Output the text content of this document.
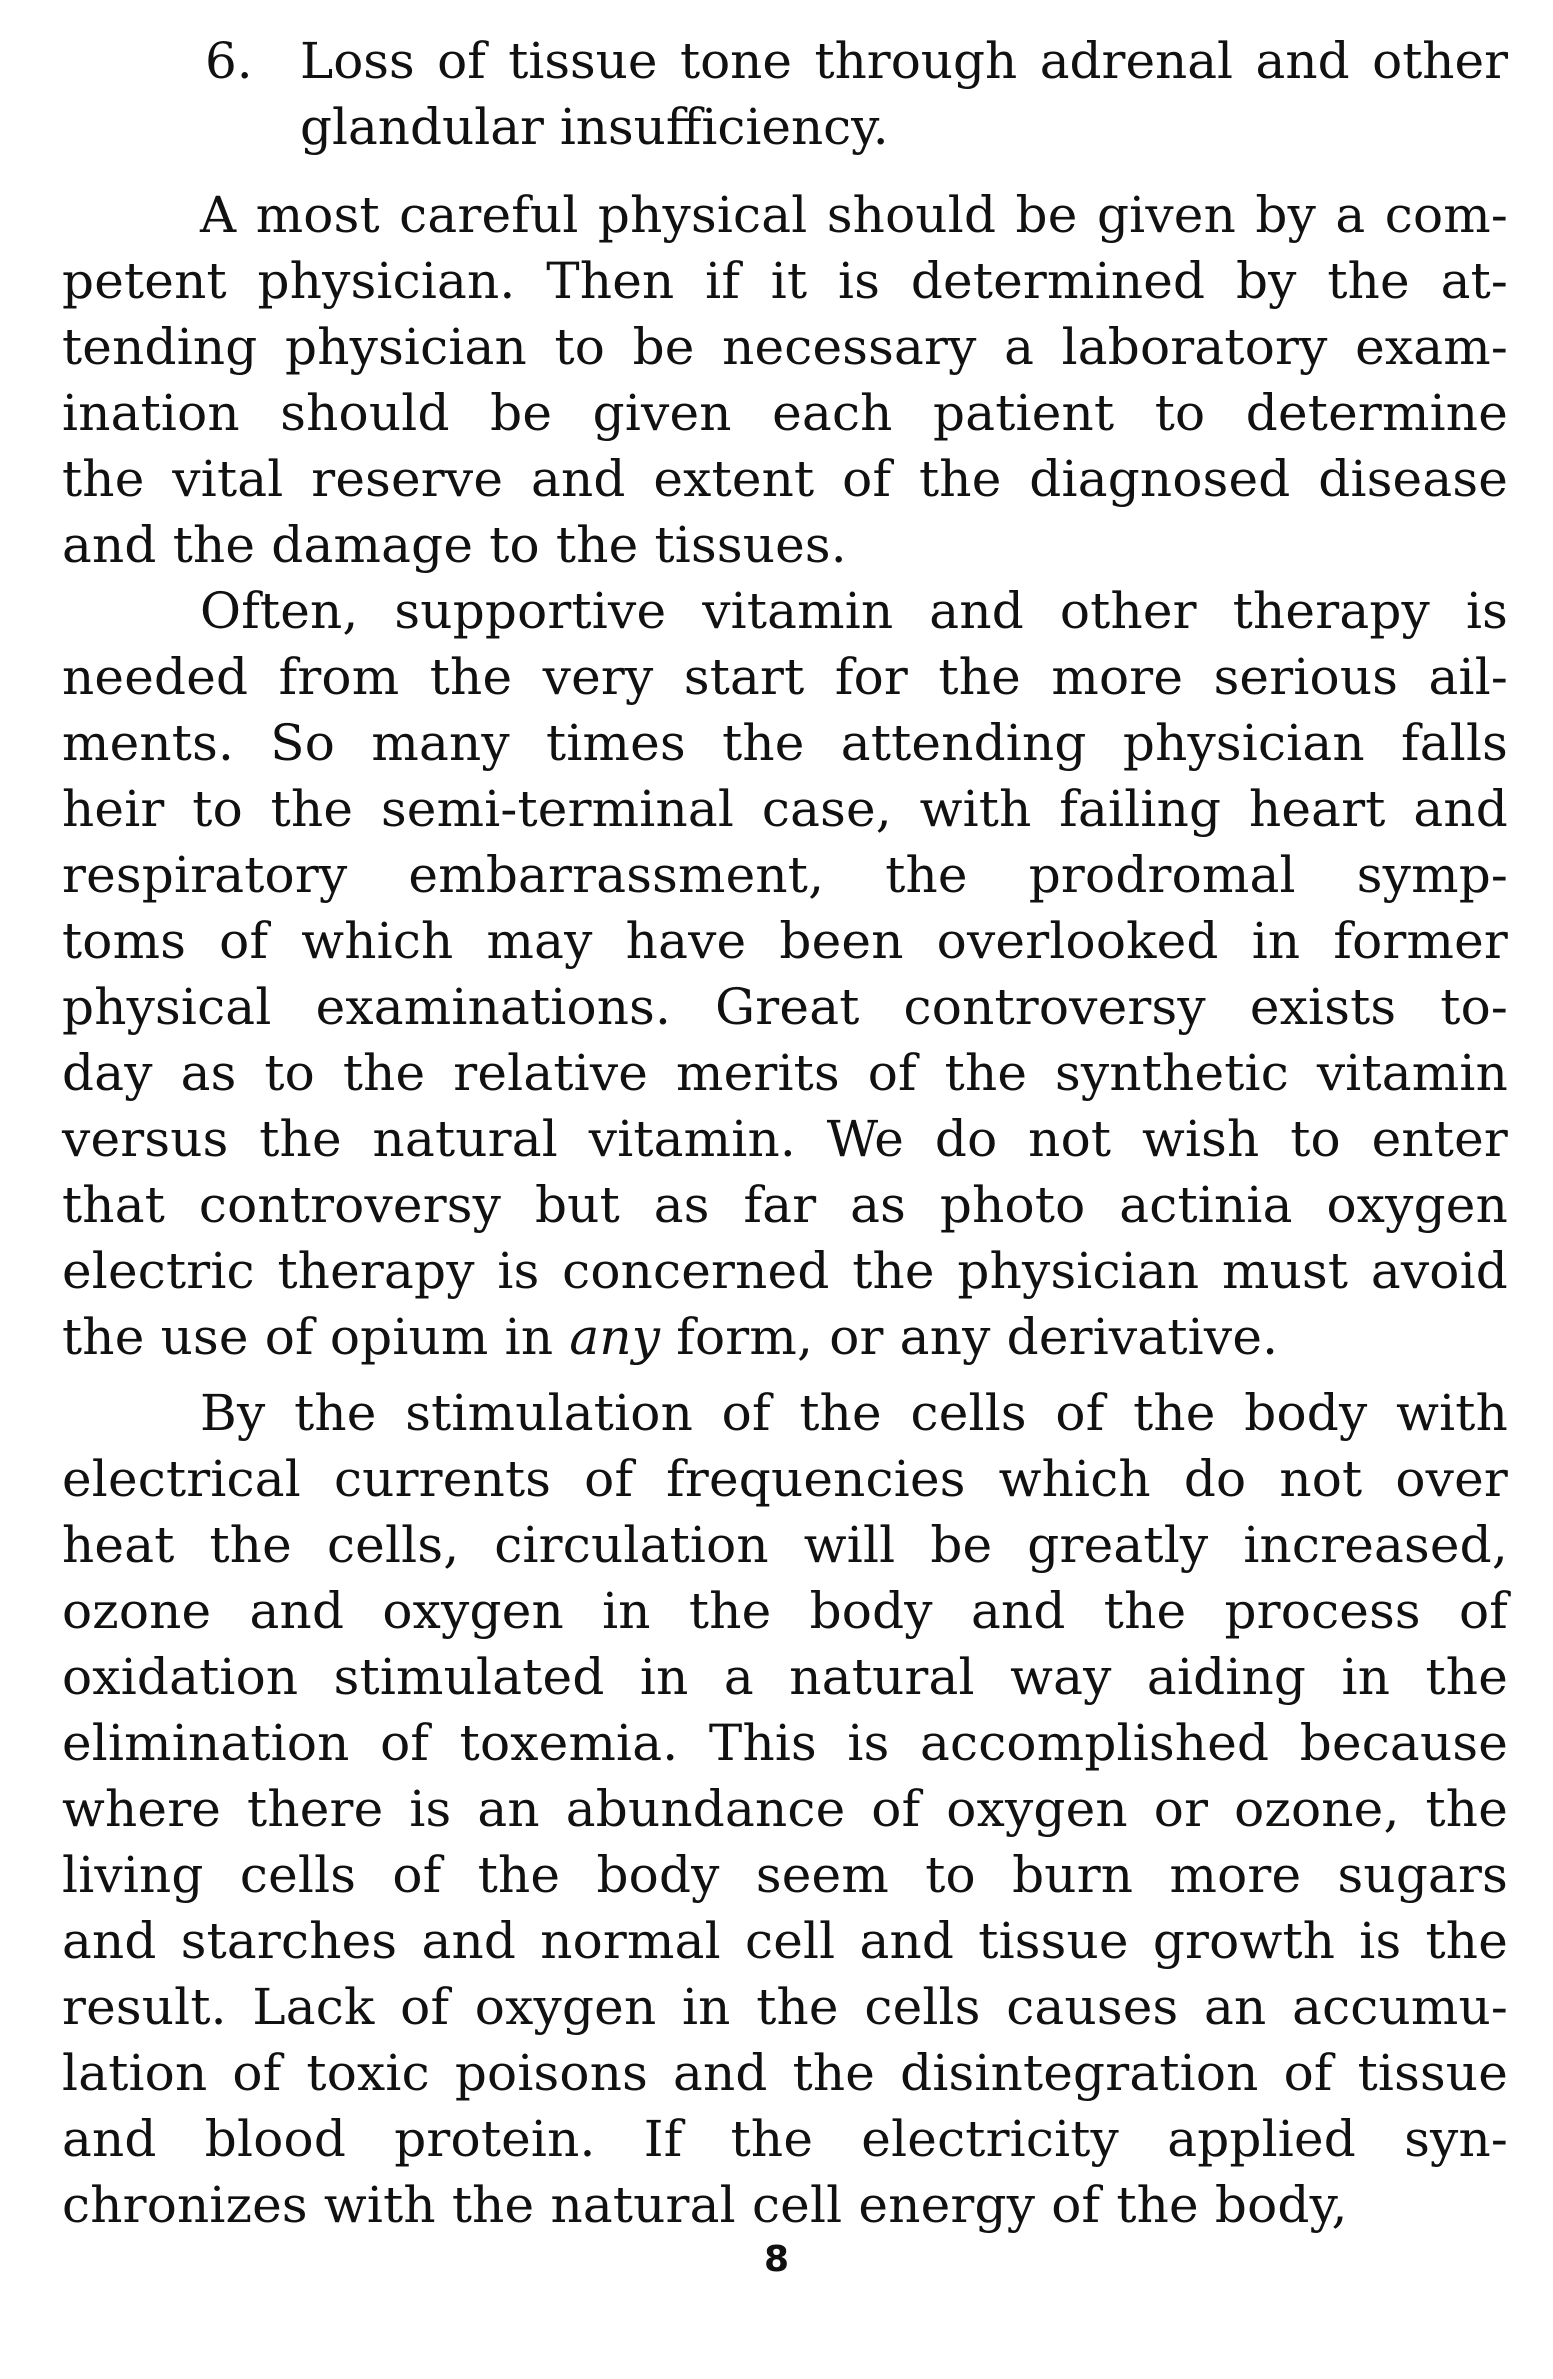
6. Loss of tissue tone through adrenal and other
glandular insufficiency.
A most careful physical should be given by a com-
petent physician. Then if it is determined by the at-
tending physician to be necessary a laboratory exam-
ination should be given each patient to determine
the vital reserve and extent of the diagnosed disease
and the damage to the tissues.
Often, supportive vitamin and other therapy is
needed from the very start for the more serious ail-
ments. So many times the attending physician falls
heir to the semi-terminal case, with failing heart and
respiratory embarrassment, the prodromal symp-
toms of which may have been overlooked in former
physical examinations. Great controversy exists to-
day as to the relative merits of the synthetic vitamin
versus the natural vitamin. We do not wish to enter
that controversy but as far as photo actinia oxygen
electric therapy is concerned the physician must avoid
the use of opium in any form, or any derivative.
By the stimulation of the cells of the body with
electrical currents of frequencies which do not over
heat the cells, circulation will be greatly increased,
ozone and oxygen in the body and the process of
oxidation stimulated in a natural way aiding in the
elimination of toxemia. This is accomplished because
where there is an abundance of oxygen or ozone, the
living cells of the body seem to burn more sugars
and starches and normal cell and tissue growth is the
result. Lack of oxygen in the cells causes an accumu-
lation of toxic poisons and the disintegration of tissue
and blood protein. If the electricity applied syn-
chronizes with the natural cell energy of the body,
8
